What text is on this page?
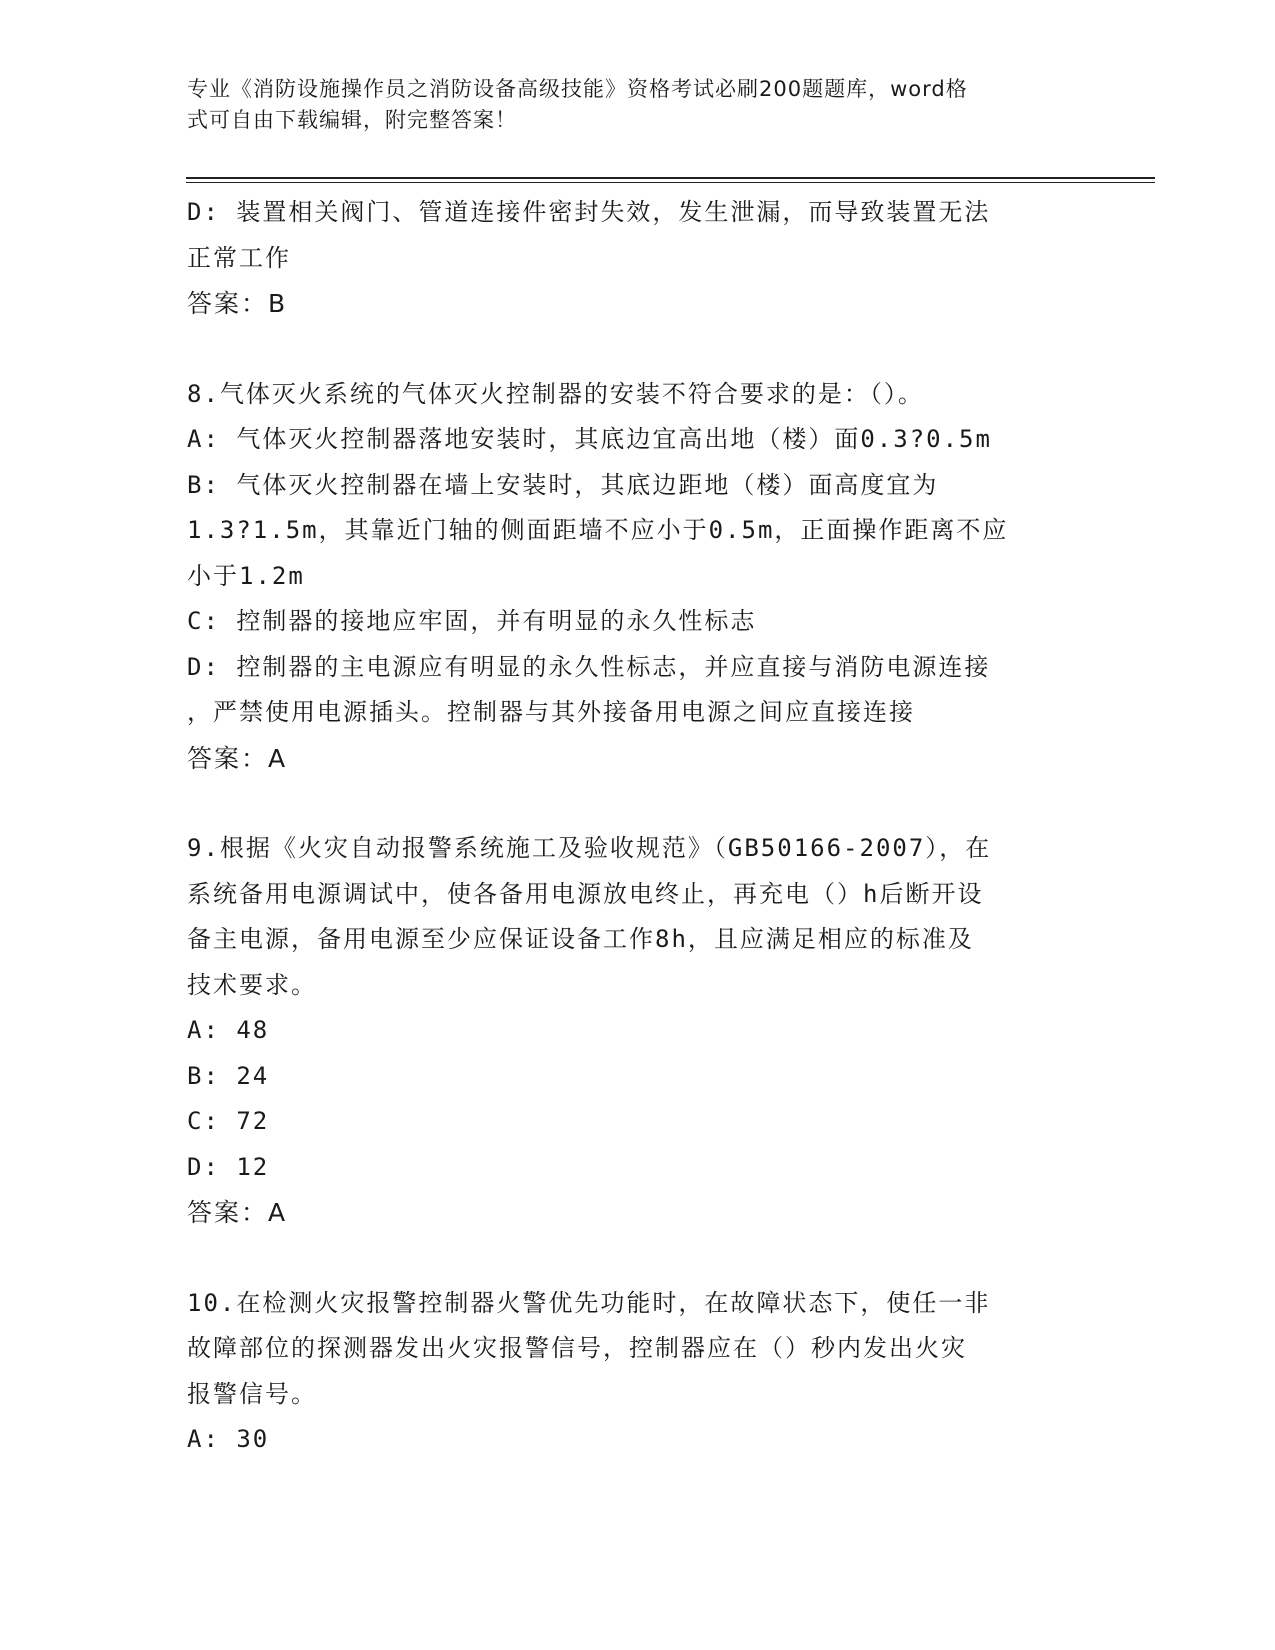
专业《消防设施操作员之消防设备高级技能》资格考试必刷200题题库，word格
式可自由下载编辑，附完整答案！
D: 装置相关阀门、管道连接件密封失效，发生泄漏，而导致装置无法
正常工作
答案：B
8.气体灭火系统的气体灭火控制器的安装不符合要求的是：（）。
A: 气体灭火控制器落地安装时，其底边宜高出地（楼）面0.3?0.5m
B: 气体灭火控制器在墙上安装时，其底边距地（楼）面高度宜为
1.3?1.5m，其靠近门轴的侧面距墙不应小于0.5m，正面操作距离不应
小于1.2m
C: 控制器的接地应牢固，并有明显的永久性标志
D: 控制器的主电源应有明显的永久性标志，并应直接与消防电源连接
，严禁使用电源插头。控制器与其外接备用电源之间应直接连接
答案：A
9.根据《火灾自动报警系统施工及验收规范》（GB50166-2007），在
系统备用电源调试中，使各备用电源放电终止，再充电（）h后断开设
备主电源，备用电源至少应保证设备工作8h，且应满足相应的标准及
技术要求。
A: 48
B: 24
C: 72
D: 12
答案：A
10.在检测火灾报警控制器火警优先功能时，在故障状态下，使任一非
故障部位的探测器发出火灾报警信号，控制器应在（）秒内发出火灾
报警信号。
A: 30
